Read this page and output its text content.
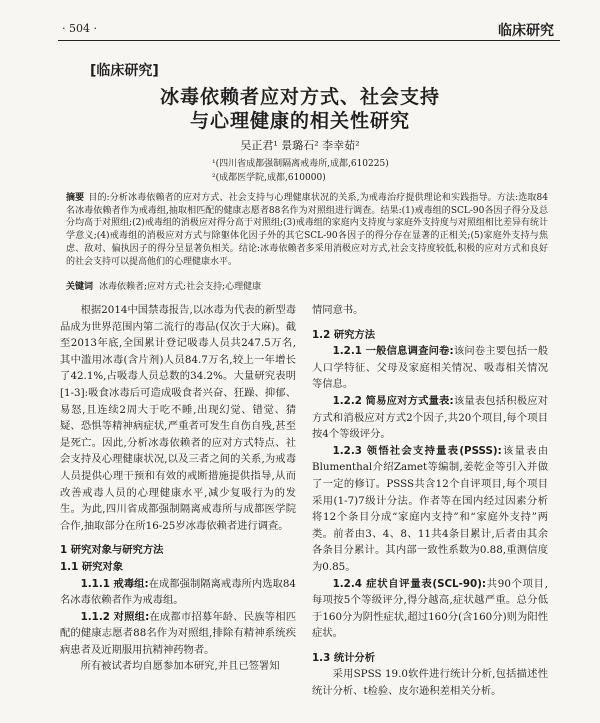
· 504 ·	临床研究
[临床研究]
冰毒依赖者应对方式、社会支持
与心理健康的相关性研究
吴正君¹ 景璐石² 李幸茹²
¹(四川省成都强制隔离戒毒所,成都,610225)
²(成都医学院,成都,610000)
摘要 目的:分析冰毒依赖者的应对方式、社会支持与心理健康状况的关系,为戒毒治疗提供理论和实践指导。方法:选取84名冰毒依赖者作为戒毒组,抽取相匹配的健康志愿者88名作为对照组进行调查。结果:(1)戒毒组的SCL-90各因子得分及总分均高于对照组;(2)戒毒组的消极应对得分高于对照组;(3)戒毒组的家庭内支持度与家庭外支持度与对照组相比差异有统计学意义;(4)戒毒组的消极应对方式与除躯体化因子外的其它SCL-90各因子的得分存在显著的正相关;(5)家庭外支持与焦虑、敌对、偏执因子的得分呈显著负相关。结论:冰毒依赖者多采用消极应对方式,社会支持度较低,积极的应对方式和良好的社会支持可以提高他们的心理健康水平。
关键词 冰毒依赖者;应对方式;社会支持;心理健康

根据2014中国禁毒报告,以冰毒为代表的新型毒品成为世界范围内第二流行的毒品(仅次于大麻)。截至2013年底,全国累计登记吸毒人员共247.5万名,其中滥用冰毒(含片剂)人员84.7万名,较上一年增长了42.1%,占吸毒人员总数的34.2%。大量研究表明[1-3]:吸食冰毒后可造成吸食者兴奋、狂躁、抑郁、易怒,且连续2周大于吃不睡,出现幻觉、错觉、猜疑、恐惧等精神病症状,严重者可发生自伤自残,甚至是死亡。因此,分析冰毒依赖者的应对方式特点、社会支持及心理健康状况,以及三者之间的关系,为戒毒人员提供心理干预和有效的戒断措施提供指导,从而改善戒毒人员的心理健康水平,减少复吸行为的发生。为此,四川省成都强制隔离戒毒所与成都医学院合作,抽取部分在所16-25岁冰毒依赖者进行调查。

1 研究对象与研究方法

1.1 研究对象

1.1.1 戒毒组:在成都强制隔离戒毒所内选取84名冰毒依赖者作为戒毒组。

1.1.2 对照组:在成都市招募年龄、民族等相匹配的健康志愿者88名作为对照组,排除有精神系统疾病患者及近期服用抗精神药物者。

所有被试者均自愿参加本研究,并且已签署知

情同意书。

1.2 研究方法

1.2.1 一般信息调查问卷:该问卷主要包括一般人口学特征、父母及家庭相关情况、吸毒相关情况等信息。

1.2.2 简易应对方式量表:该量表包括积极应对方式和消极应对方式2个因子,共20个项目,每个项目按4个等级评分。

1.2.3 领悟社会支持量表(PSSS):该量表由Blumenthal介绍Zamet等编制,姜乾金等引入并做了一定的修订。PSSS共含12个自评项目,每个项目采用(1-7)7级计分法。作者等在国内经过因素分析将12个条目分成“家庭内支持”和“家庭外支持”两类。前者由3、4、8、11共4条目累计,后者由其余各条目分累计。其内部一致性系数为0.88,重测信度为0.85。

1.2.4 症状自评量表(SCL-90):共90个项目,每项按5个等级评分,得分越高,症状越严重。总分低于160分为阴性症状,超过160分(含160分)则为阳性症状。

1.3 统计分析

采用SPSS 19.0软件进行统计分析,包括描述性统计分析、t检验、皮尔逊积差相关分析。
